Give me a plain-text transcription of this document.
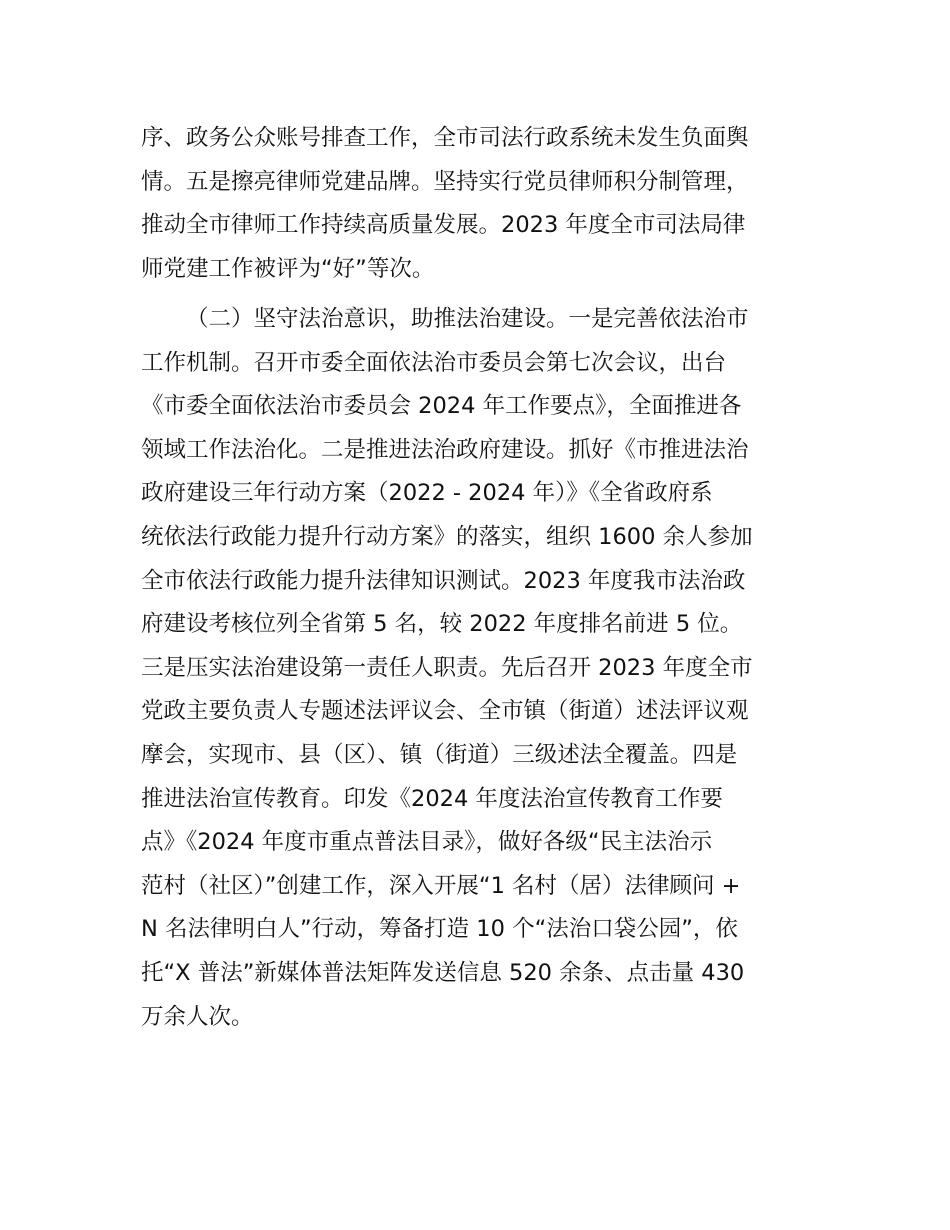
序、政务公众账号排查工作，全市司法行政系统未发生负面舆
情。五是擦亮律师党建品牌。坚持实行党员律师积分制管理，
推动全市律师工作持续高质量发展。2023 年度全市司法局律
师党建工作被评为“好”等次。
（二）坚守法治意识，助推法治建设。一是完善依法治市
工作机制。召开市委全面依法治市委员会第七次会议，出台
《市委全面依法治市委员会 2024 年工作要点》，全面推进各
领域工作法治化。二是推进法治政府建设。抓好《市推进法治
政府建设三年行动方案（2022 - 2024 年）》《全省政府系
统依法行政能力提升行动方案》的落实，组织 1600 余人参加
全市依法行政能力提升法律知识测试。2023 年度我市法治政
府建设考核位列全省第 5 名，较 2022 年度排名前进 5 位。
三是压实法治建设第一责任人职责。先后召开 2023 年度全市
党政主要负责人专题述法评议会、全市镇（街道）述法评议观
摩会，实现市、县（区）、镇（街道）三级述法全覆盖。四是
推进法治宣传教育。印发《2024 年度法治宣传教育工作要
点》《2024 年度市重点普法目录》，做好各级“民主法治示
范村（社区）”创建工作，深入开展“1 名村（居）法律顾问 +
N 名法律明白人”行动，筹备打造 10 个“法治口袋公园”，依
托“X 普法”新媒体普法矩阵发送信息 520 余条、点击量 430
万余人次。
